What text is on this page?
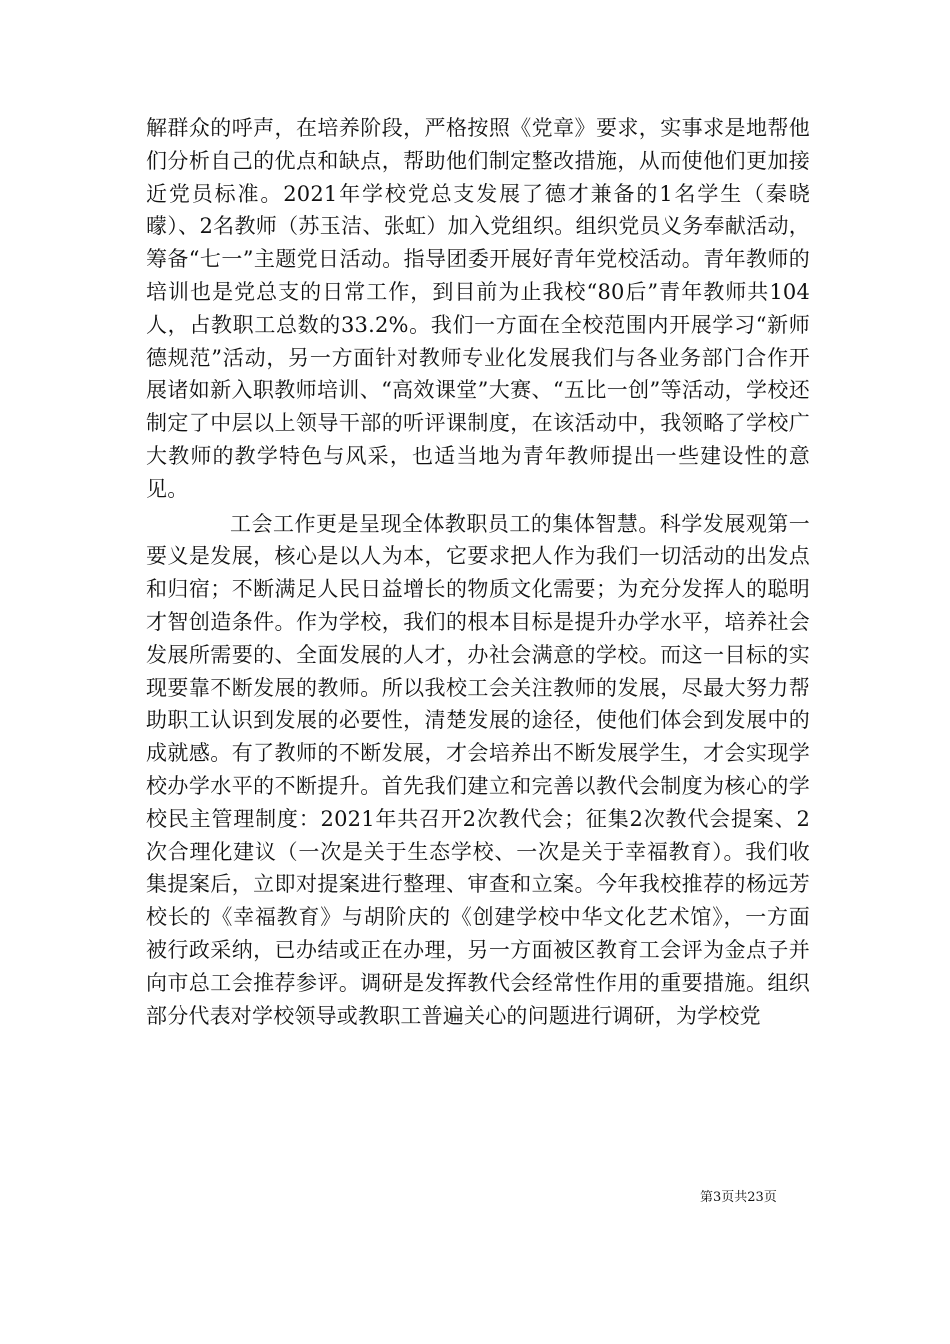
解群众的呼声，在培养阶段，严格按照《党章》要求，实事求是地帮他们分析自己的优点和缺点，帮助他们制定整改措施，从而使他们更加接近党员标准。2021年学校党总支发展了德才兼备的1名学生（秦晓曚）、2名教师（苏玉洁、张虹）加入党组织。组织党员义务奉献活动，筹备“七一”主题党日活动。指导团委开展好青年党校活动。青年教师的培训也是党总支的日常工作，到目前为止我校“80后”青年教师共104人，占教职工总数的33.2%。我们一方面在全校范围内开展学习“新师德规范”活动，另一方面针对教师专业化发展我们与各业务部门合作开展诸如新入职教师培训、“高效课堂”大赛、“五比一创”等活动，学校还制定了中层以上领导干部的听评课制度，在该活动中，我领略了学校广大教师的教学特色与风采，也适当地为青年教师提出一些建设性的意见。

工会工作更是呈现全体教职员工的集体智慧。科学发展观第一要义是发展，核心是以人为本，它要求把人作为我们一切活动的出发点和归宿；不断满足人民日益增长的物质文化需要；为充分发挥人的聪明才智创造条件。作为学校，我们的根本目标是提升办学水平，培养社会发展所需要的、全面发展的人才，办社会满意的学校。而这一目标的实现要靠不断发展的教师。所以我校工会关注教师的发展，尽最大努力帮助职工认识到发展的必要性，清楚发展的途径，使他们体会到发展中的成就感。有了教师的不断发展，才会培养出不断发展学生，才会实现学校办学水平的不断提升。首先我们建立和完善以教代会制度为核心的学校民主管理制度：2021年共召开2次教代会；征集2次教代会提案、2次合理化建议（一次是关于生态学校、一次是关于幸福教育）。我们收集提案后，立即对提案进行整理、审查和立案。今年我校推荐的杨远芳校长的《幸福教育》与胡阶庆的《创建学校中华文化艺术馆》，一方面被行政采纳，已办结或正在办理，另一方面被区教育工会评为金点子并向市总工会推荐参评。调研是发挥教代会经常性作用的重要措施。组织部分代表对学校领导或教职工普遍关心的问题进行调研，为学校党

第3页共23页
